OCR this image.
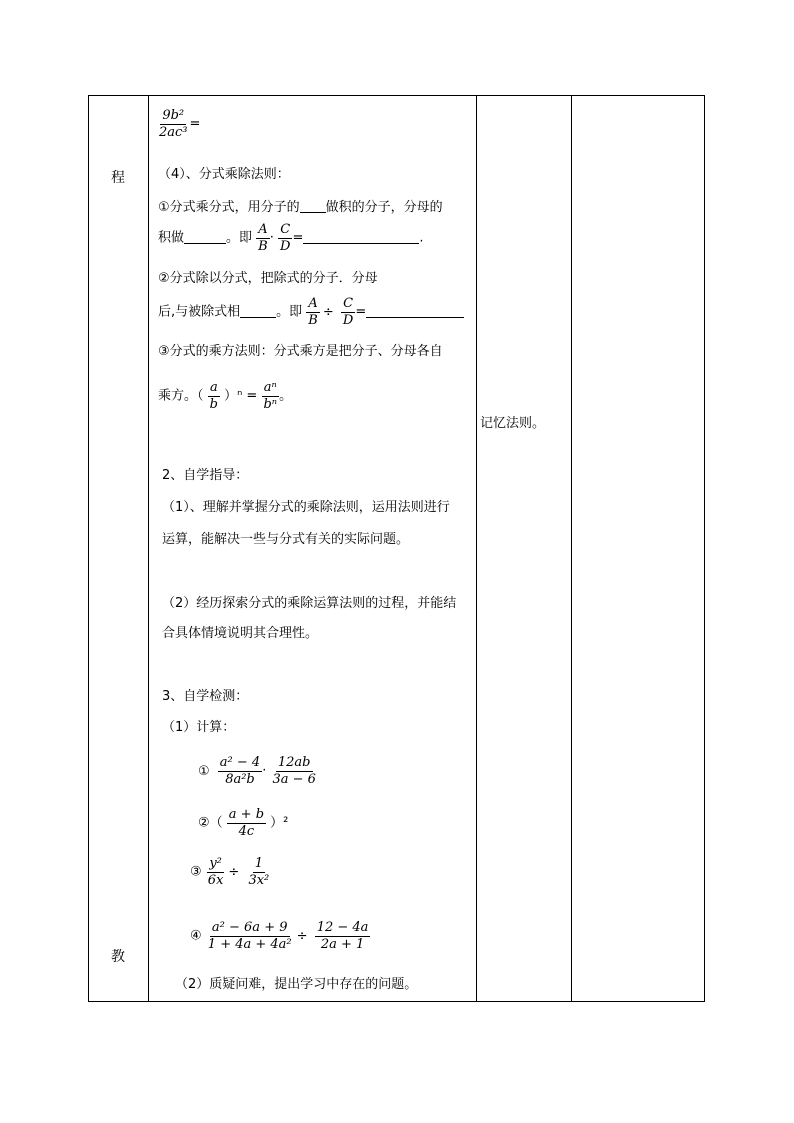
程
教
$\frac{\text{9b²}}{\text{2ac³}}$ =
（4）、分式乘除法则：
①分式乘分式，用分子的 做积的分子，分母的
积做	。即 $\frac{A}{B} \cdot \frac{C}{D}$ =	.
②分式除以分式，把除式的分子．分母
后,与被除式相	。即 $\frac{A}{B} \div \frac{C}{D}$ =
③分式的乘方法则：分式乘方是把分子、分母各自
乘方。（ $\frac{a}{b} )^n = \frac{\text{aⁿ}}{\text{bⁿ}}$ 。
记忆法则。
2、自学指导：
（1）、理解并掌握分式的乘除法则，运用法则进行
运算，能解决一些与分式有关的实际问题。
（2）经历探索分式的乘除运算法则的过程，并能结
合具体情境说明其合理性。
3、自学检测：
（1）计算：
① $\frac{\text{a² − 4}}{\text{8a²b}} \cdot \frac{12ab}{3a - 6}$
②（ $\frac{a + b}{4c} )^2$
③ $\frac{\text{y²}}{6x} \div \frac{1}{\text{3x²}}$
④ $\frac{\text{a² − 6a + 9}}{\text{1 + 4a + 4a²}} \div \frac{12 - 4a}{2a + 1}$
（2）质疑问难，提出学习中存在的问题。
